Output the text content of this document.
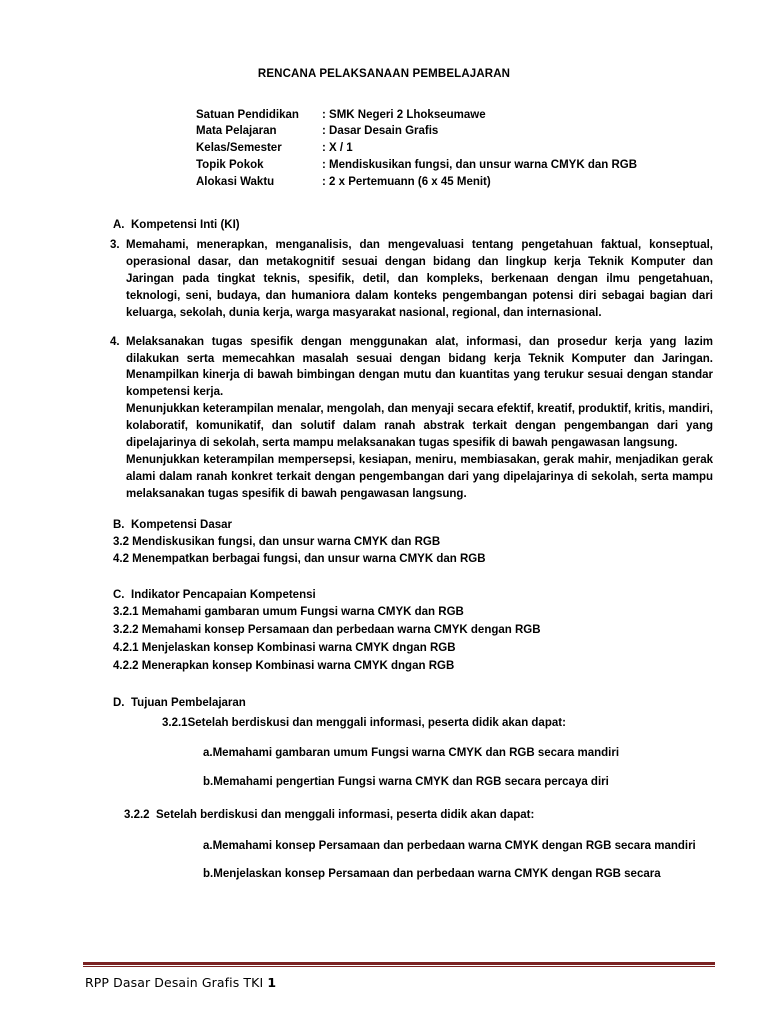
RENCANA PELAKSANAAN PEMBELAJARAN
Satuan Pendidikan	: SMK Negeri 2 Lhokseumawe
Mata Pelajaran	: Dasar Desain Grafis
Kelas/Semester	: X / 1
Topik Pokok	: Mendiskusikan fungsi, dan unsur warna CMYK dan RGB
Alokasi Waktu	: 2 x Pertemuann (6 x 45 Menit)
A. Kompetensi Inti (KI)
3. Memahami, menerapkan, menganalisis, dan mengevaluasi tentang pengetahuan faktual, konseptual, operasional dasar, dan metakognitif sesuai dengan bidang dan lingkup kerja Teknik Komputer dan Jaringan pada tingkat teknis, spesifik, detil, dan kompleks, berkenaan dengan ilmu pengetahuan, teknologi, seni, budaya, dan humaniora dalam konteks pengembangan potensi diri sebagai bagian dari keluarga, sekolah, dunia kerja, warga masyarakat nasional, regional, dan internasional.
4. Melaksanakan tugas spesifik dengan menggunakan alat, informasi, dan prosedur kerja yang lazim dilakukan serta memecahkan masalah sesuai dengan bidang kerja Teknik Komputer dan Jaringan. Menampilkan kinerja di bawah bimbingan dengan mutu dan kuantitas yang terukur sesuai dengan standar kompetensi kerja.
Menunjukkan keterampilan menalar, mengolah, dan menyaji secara efektif, kreatif, produktif, kritis, mandiri, kolaboratif, komunikatif, dan solutif dalam ranah abstrak terkait dengan pengembangan dari yang dipelajarinya di sekolah, serta mampu melaksanakan tugas spesifik di bawah pengawasan langsung.
Menunjukkan keterampilan mempersepsi, kesiapan, meniru, membiasakan, gerak mahir, menjadikan gerak alami dalam ranah konkret terkait dengan pengembangan dari yang dipelajarinya di sekolah, serta mampu melaksanakan tugas spesifik di bawah pengawasan langsung.
B. Kompetensi Dasar
3.2 Mendiskusikan fungsi, dan unsur warna CMYK dan RGB
4.2 Menempatkan berbagai fungsi, dan unsur warna CMYK dan RGB
C. Indikator Pencapaian Kompetensi
3.2.1 Memahami gambaran umum Fungsi warna CMYK dan RGB
3.2.2 Memahami konsep Persamaan dan perbedaan warna CMYK dengan RGB
4.2.1 Menjelaskan konsep Kombinasi warna CMYK dngan RGB
4.2.2 Menerapkan konsep Kombinasi warna CMYK dngan RGB
D. Tujuan Pembelajaran
3.2.1 Setelah berdiskusi dan menggali informasi, peserta didik akan dapat:
a. Memahami gambaran umum Fungsi warna CMYK dan RGB secara mandiri
b. Memahami pengertian Fungsi warna CMYK dan RGB secara percaya diri
3.2.2 Setelah berdiskusi dan menggali informasi, peserta didik akan dapat:
a. Memahami konsep Persamaan dan perbedaan warna CMYK dengan RGB secara mandiri
b. Menjelaskan konsep Persamaan dan perbedaan warna CMYK dengan RGB secara
RPP Dasar Desain Grafis TKI 1
